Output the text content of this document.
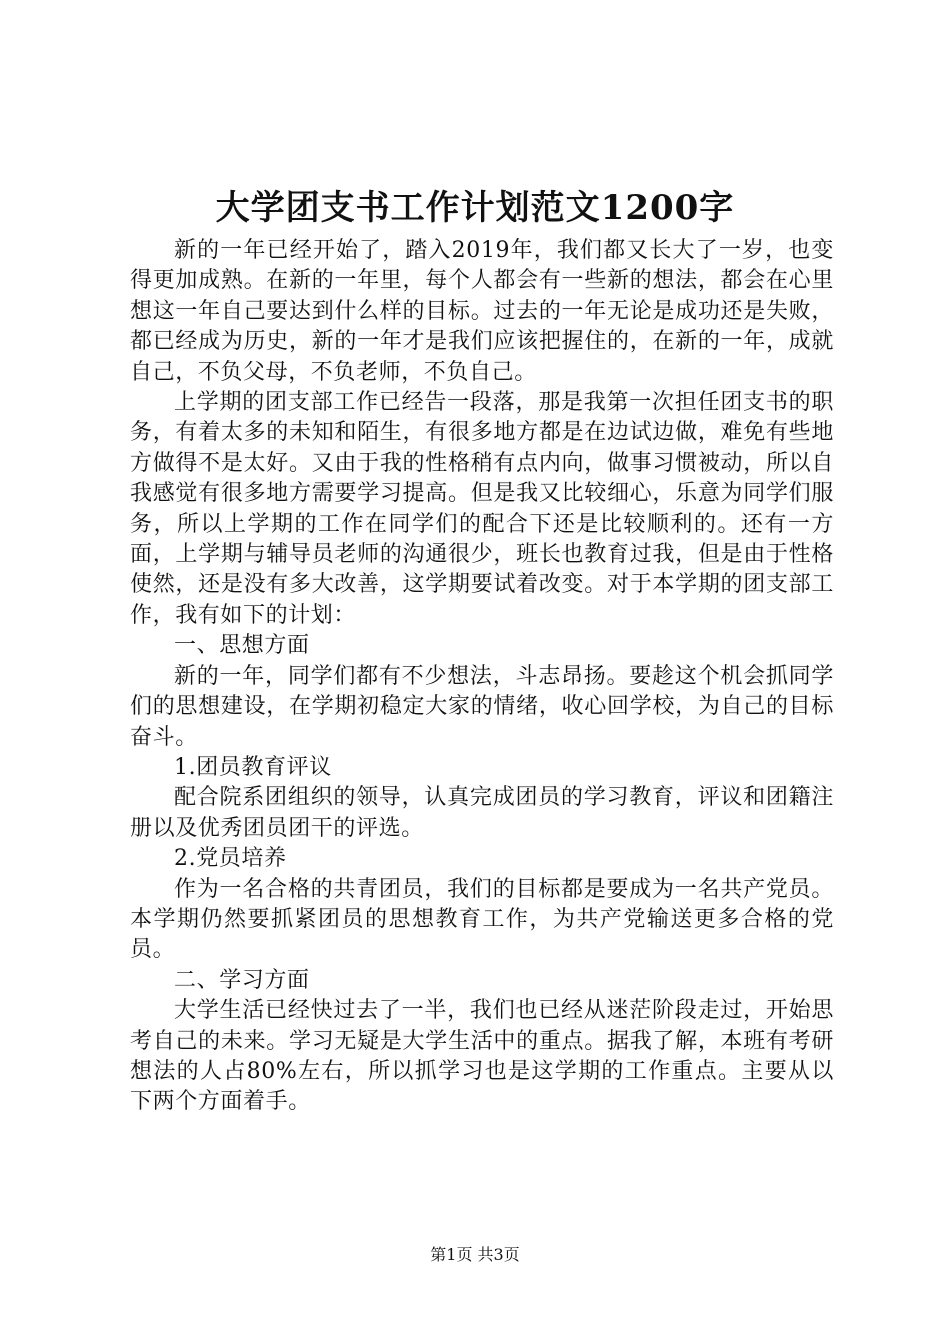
大学团支书工作计划范文1200字

新的一年已经开始了，踏入2019年，我们都又长大了一岁，也变得更加成熟。在新的一年里，每个人都会有一些新的想法，都会在心里想这一年自己要达到什么样的目标。过去的一年无论是成功还是失败，都已经成为历史，新的一年才是我们应该把握住的，在新的一年，成就自己，不负父母，不负老师，不负自己。

上学期的团支部工作已经告一段落，那是我第一次担任团支书的职务，有着太多的未知和陌生，有很多地方都是在边试边做，难免有些地方做得不是太好。又由于我的性格稍有点内向，做事习惯被动，所以自我感觉有很多地方需要学习提高。但是我又比较细心，乐意为同学们服务，所以上学期的工作在同学们的配合下还是比较顺利的。还有一方面，上学期与辅导员老师的沟通很少，班长也教育过我，但是由于性格使然，还是没有多大改善，这学期要试着改变。对于本学期的团支部工作，我有如下的计划：

一、思想方面

新的一年，同学们都有不少想法，斗志昂扬。要趁这个机会抓同学们的思想建设，在学期初稳定大家的情绪，收心回学校，为自己的目标奋斗。

1.团员教育评议

配合院系团组织的领导，认真完成团员的学习教育，评议和团籍注册以及优秀团员团干的评选。

2.党员培养

作为一名合格的共青团员，我们的目标都是要成为一名共产党员。本学期仍然要抓紧团员的思想教育工作，为共产党输送更多合格的党员。

二、学习方面

大学生活已经快过去了一半，我们也已经从迷茫阶段走过，开始思考自己的未来。学习无疑是大学生活中的重点。据我了解，本班有考研想法的人占80%左右，所以抓学习也是这学期的工作重点。主要从以下两个方面着手。

第1页 共3页
